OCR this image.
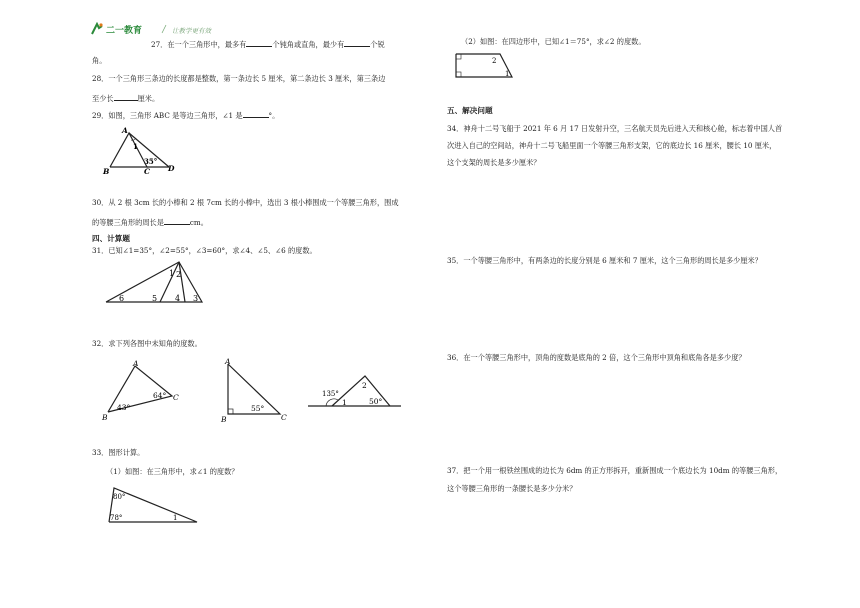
二一教育	让教学更有效
27．在一个三角形中，最多有	个钝角或直角，最少有	个锐
角。
28．一个三角形三条边的长度都是整数，第一条边长 5 厘米，第二条边长 3 厘米，第三条边
至少长	厘米。
29．如图，三角形 ABC 是等边三角形，∠1 是	°。
A
B	C D
1
35°
30．从 2 根 3cm 长的小棒和 2 根 7cm 长的小棒中，选出 3 根小棒围成一个等腰三角形，围成
的等腰三角形的周长是	cm。
四、计算题
31．已知∠1=35°，∠2=55°，∠3=60°，求∠4、∠5、∠6 的度数。
1 2
3
4
5
6
32．求下列各图中未知角的度数。
A
B
C
43°
64°
A
B	C
55°
135°
1
2
50°
33．图形计算。
（1）如图：在三角形中，求∠1 的度数？
80°
78°	1
（2）如图：在四边形中，已知∠1＝75°，求∠2 的度数。
2
1
五、解决问题
34．神舟十二号飞船于 2021 年 6 月 17 日发射升空，三名航天员先后进入天和核心舱，标志着中国人首
次进入自己的空间站，神舟十二号飞船里面一个等腰三角形支架，它的底边长 16 厘米，腰长 10 厘米，
这个支架的周长是多少厘米？
35．一个等腰三角形中，有两条边的长度分别是 6 厘米和 7 厘米，这个三角形的周长是多少厘米？
36．在一个等腰三角形中，顶角的度数是底角的 2 倍，这个三角形中顶角和底角各是多少度？
37．把一个用一根铁丝围成的边长为 6dm 的正方形拆开，重新围成一个底边长为 10dm 的等腰三角形，
这个等腰三角形的一条腰长是多少分米？
